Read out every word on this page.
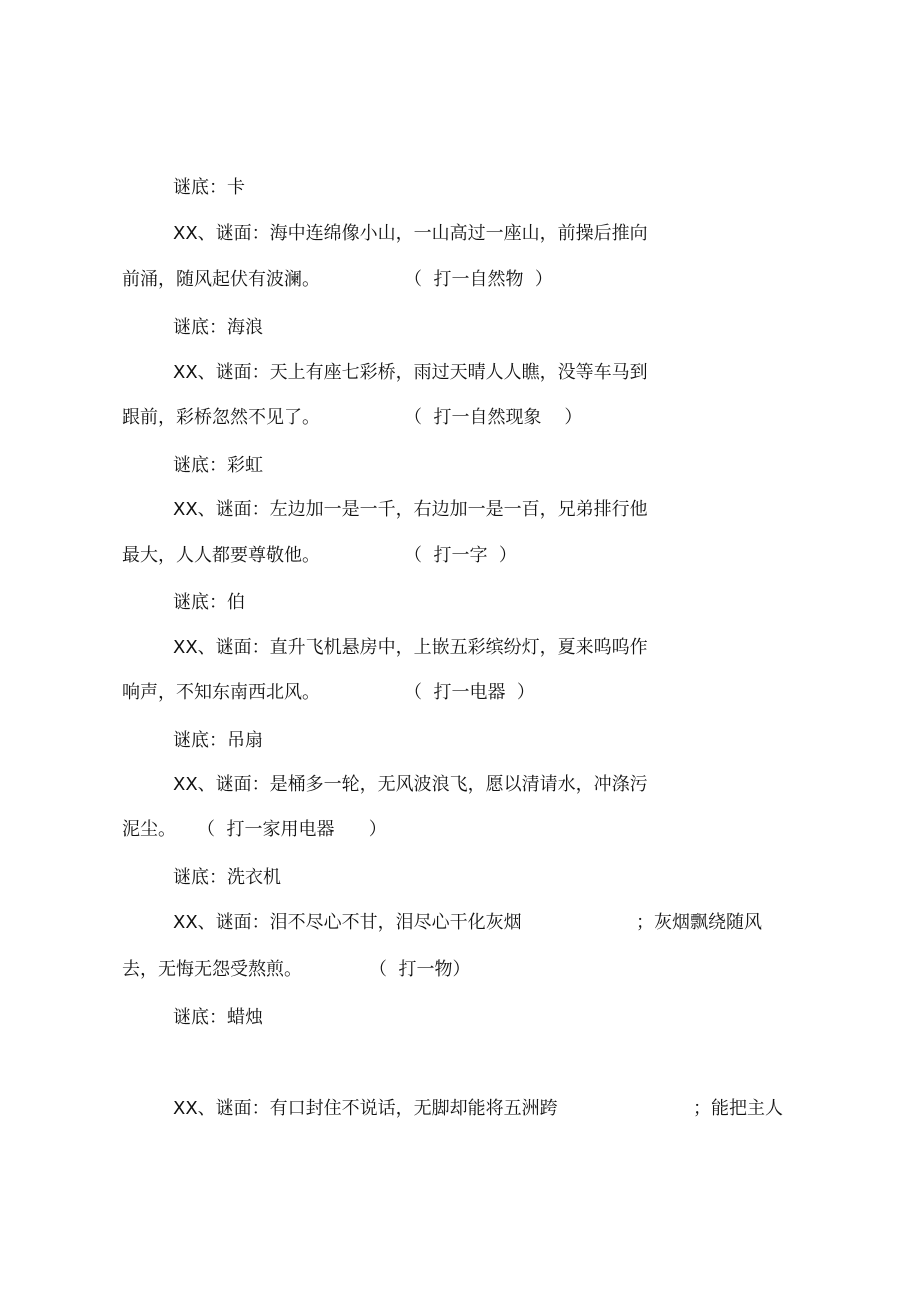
谜底：卡
XX、谜面：海中连绵像小山，一山高过一座山，前操后推向
前涌，随风起伏有波澜。	（  打一自然物  ）
谜底：海浪
XX、谜面：天上有座七彩桥，雨过天晴人人瞧，没等车马到
跟前，彩桥忽然不见了。	（  打一自然现象    ）
谜底：彩虹
XX、谜面：左边加一是一千，右边加一是一百，兄弟排行他
最大，人人都要尊敬他。	（  打一字  ）
谜底：伯
XX、谜面：直升飞机悬房中，上嵌五彩缤纷灯，夏来呜呜作
响声，不知东南西北风。	（  打一电器  ）
谜底：吊扇
XX、谜面：是桶多一轮，无风波浪飞，愿以清请水，冲涤污
泥尘。 （  打一家用电器      ）
谜底：洗衣机
XX、谜面：泪不尽心不甘，泪尽心干化灰烟	；灰烟飘绕随风
去，无悔无怨受熬煎。	（  打一物）
谜底：蜡烛
XX、谜面：有口封住不说话，无脚却能将五洲跨	；能把主人
